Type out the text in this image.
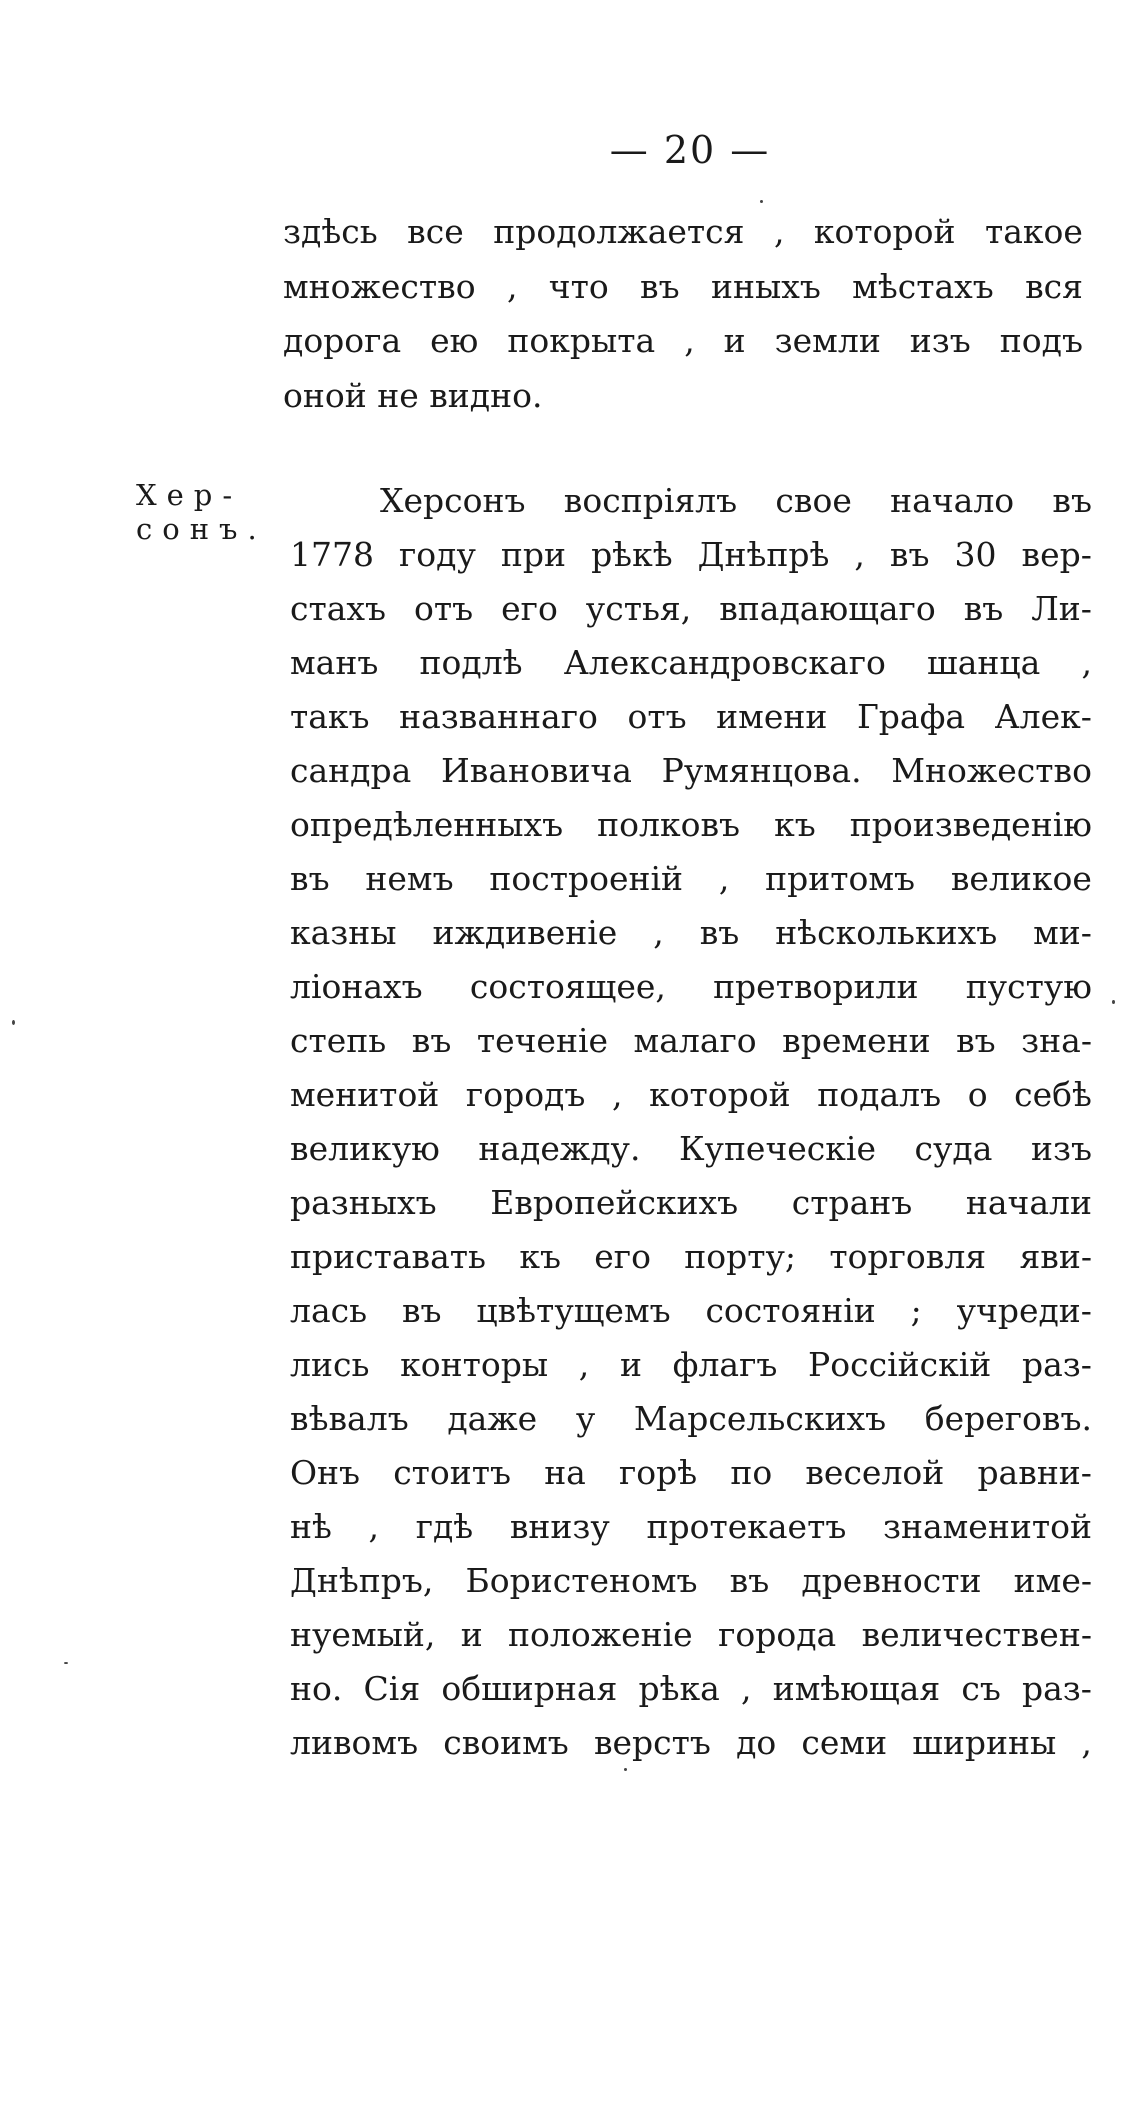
— 20 —
здѣсь все продолжается , которой такое
множество , что въ иныхъ мѣстахъ вся
дорога ею покрыта , и земли изъ подъ
оной не видно.
Хер-
сонъ.
Херсонъ воспріялъ свое начало въ
1778 году при рѣкѣ Днѣпрѣ , въ 30 вер-
стахъ отъ его устья, впадающаго въ Ли-
манъ подлѣ Александровскаго шанца ,
такъ названнаго отъ имени Графа Алек-
сандра Ивановича Румянцова. Множество
опредѣленныхъ полковъ къ произведенію
въ немъ построеній , притомъ великое
казны иждивеніе , въ нѣсколькихъ ми-
ліонахъ состоящее, претворили пустую
степь въ теченіе малаго времени въ зна-
менитой городъ , которой подалъ о себѣ
великую надежду. Купеческіе суда изъ
разныхъ Европейскихъ странъ начали
приставать къ его порту; торговля яви-
лась въ цвѣтущемъ состояніи ; учреди-
лись конторы , и флагъ Россійскій раз-
вѣвалъ даже у Марсельскихъ береговъ.
Онъ стоитъ на горѣ по веселой равни-
нѣ , гдѣ внизу протекаетъ знаменитой
Днѣпръ, Бористеномъ въ древности име-
нуемый, и положеніе города величествен-
но. Сія обширная рѣка , имѣющая съ раз-
ливомъ своимъ верстъ до семи ширины ,
